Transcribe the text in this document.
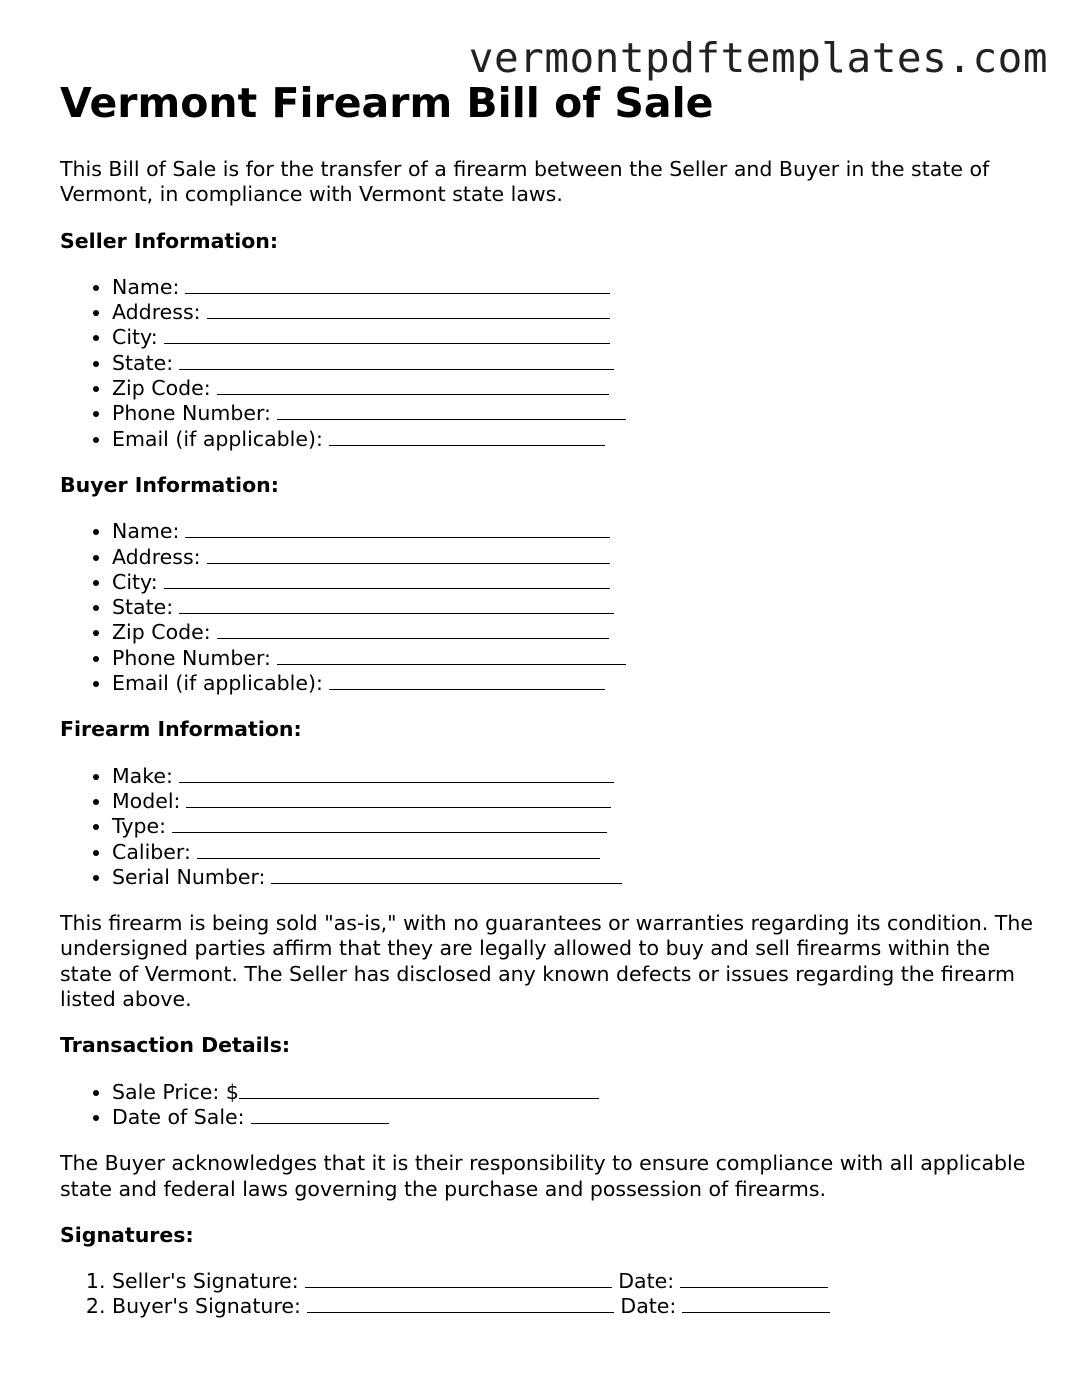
vermontpdftemplates.com
Vermont Firearm Bill of Sale

This Bill of Sale is for the transfer of a firearm between the Seller and Buyer in the state of Vermont, in compliance with Vermont state laws.

Seller Information:
• Name:
• Address:
• City:
• State:
• Zip Code:
• Phone Number:
• Email (if applicable):
Buyer Information:
• Name:
• Address:
• City:
• State:
• Zip Code:
• Phone Number:
• Email (if applicable):
Firearm Information:
• Make:
• Model:
• Type:
• Caliber:
• Serial Number:

This firearm is being sold "as-is," with no guarantees or warranties regarding its condition. The undersigned parties affirm that they are legally allowed to buy and sell firearms within the state of Vermont. The Seller has disclosed any known defects or issues regarding the firearm listed above.

Transaction Details:
• Sale Price: $
• Date of Sale:

The Buyer acknowledges that it is their responsibility to ensure compliance with all applicable state and federal laws governing the purchase and possession of firearms.

Signatures:
1. Seller's Signature:	Date:
2. Buyer's Signature:	Date:
